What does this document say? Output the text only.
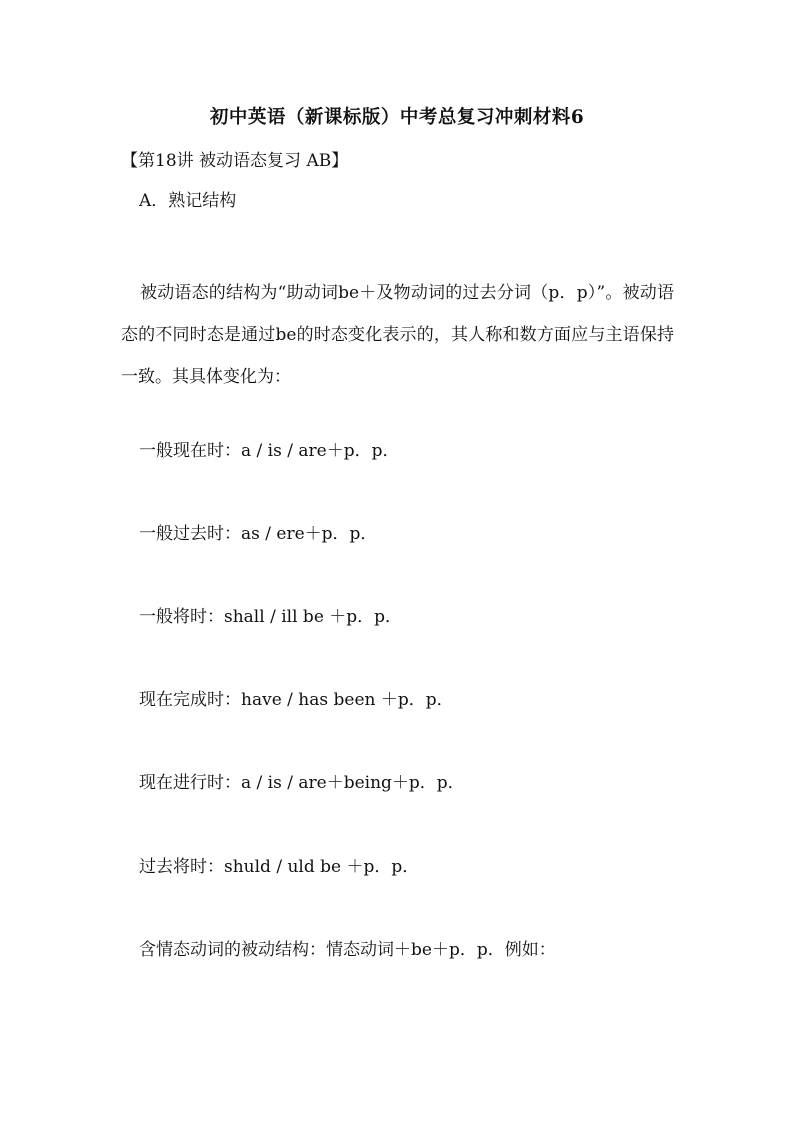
初中英语（新课标版）中考总复习冲刺材料6
【第18讲 被动语态复习 AB】
A．熟记结构
被动语态的结构为“助动词be＋及物动词的过去分词（p．p）”。被动语态的不同时态是通过be的时态变化表示的，其人称和数方面应与主语保持一致。其具体变化为：
一般现在时：a / is / are＋p．p．
一般过去时：as / ere＋p．p．
一般将时：shall / ill be ＋p．p．
现在完成时：have / has been ＋p．p．
现在进行时：a / is / are＋being＋p．p．
过去将时：shuld / uld be ＋p．p．
含情态动词的被动结构：情态动词＋be＋p．p．例如：
